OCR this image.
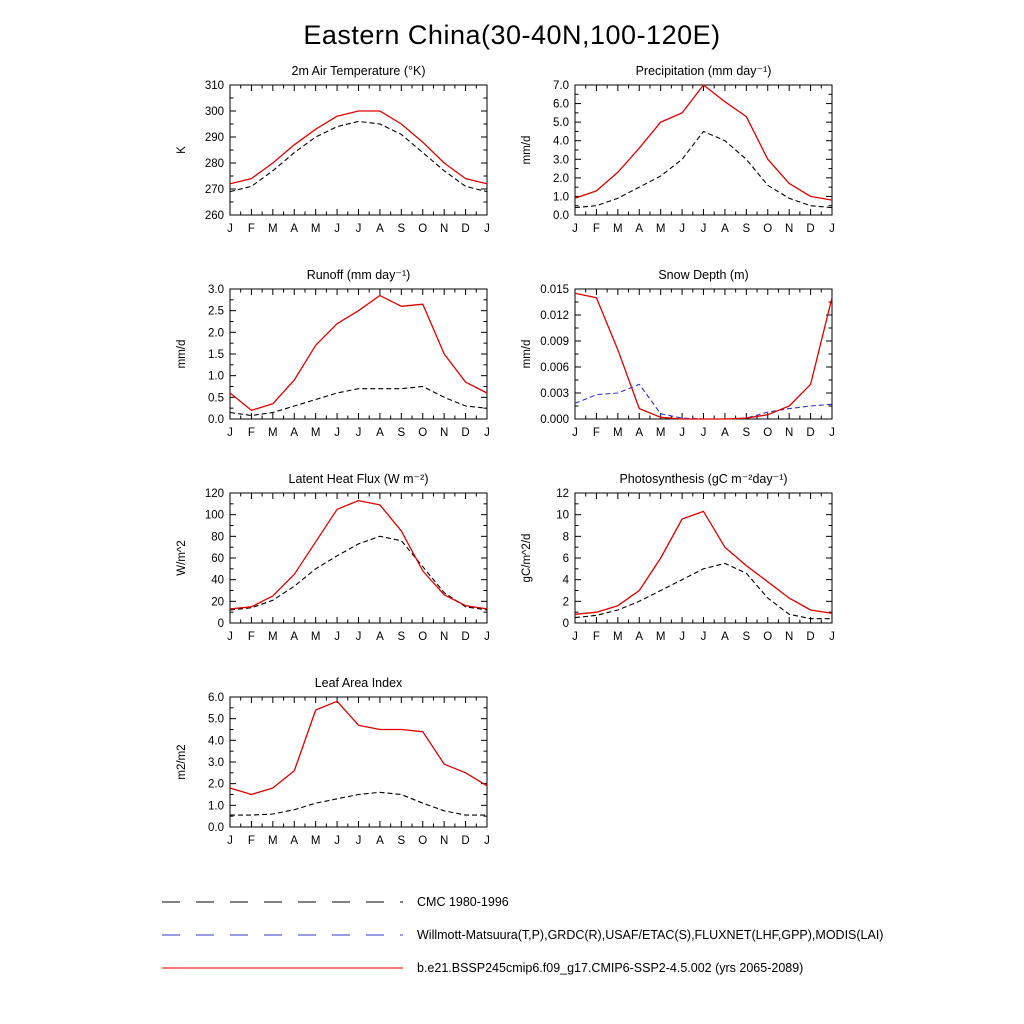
Eastern China(30-40N,100-120E)
2m Air Temperature (°K)
260
270
280
290
300
310
J F M A M J J A S O N D J
K
Precipitation (mm day⁻¹)
0.0
1.0
2.0
3.0
4.0
5.0
6.0
7.0
J F M A M J J A S O N D J
mm/d
Runoff (mm day⁻¹)
0.0
0.5
1.0
1.5
2.0
2.5
3.0
J F M A M J J A S O N D J
mm/d
Snow Depth (m)
0.000
0.003
0.006
0.009
0.012
0.015
J F M A M J J A S O N D J
mm/d
Latent Heat Flux (W m⁻²)
0
20
40
60
80
100
120
J F M A M J J A S O N D J
W/m^2
Photosynthesis (gC m⁻²day⁻¹)
0
2
4
6
8
10
12
J F M A M J J A S O N D J
gC/m^2/d
Leaf Area Index
0.0
1.0
2.0
3.0
4.0
5.0
6.0
J F M A M J J A S O N D J
m2/m2
CMC 1980-1996
Willmott-Matsuura(T,P),GRDC(R),USAF/ETAC(S),FLUXNET(LHF,GPP),MODIS(LAI)
b.e21.BSSP245cmip6.f09_g17.CMIP6-SSP2-4.5.002 (yrs 2065-2089)
